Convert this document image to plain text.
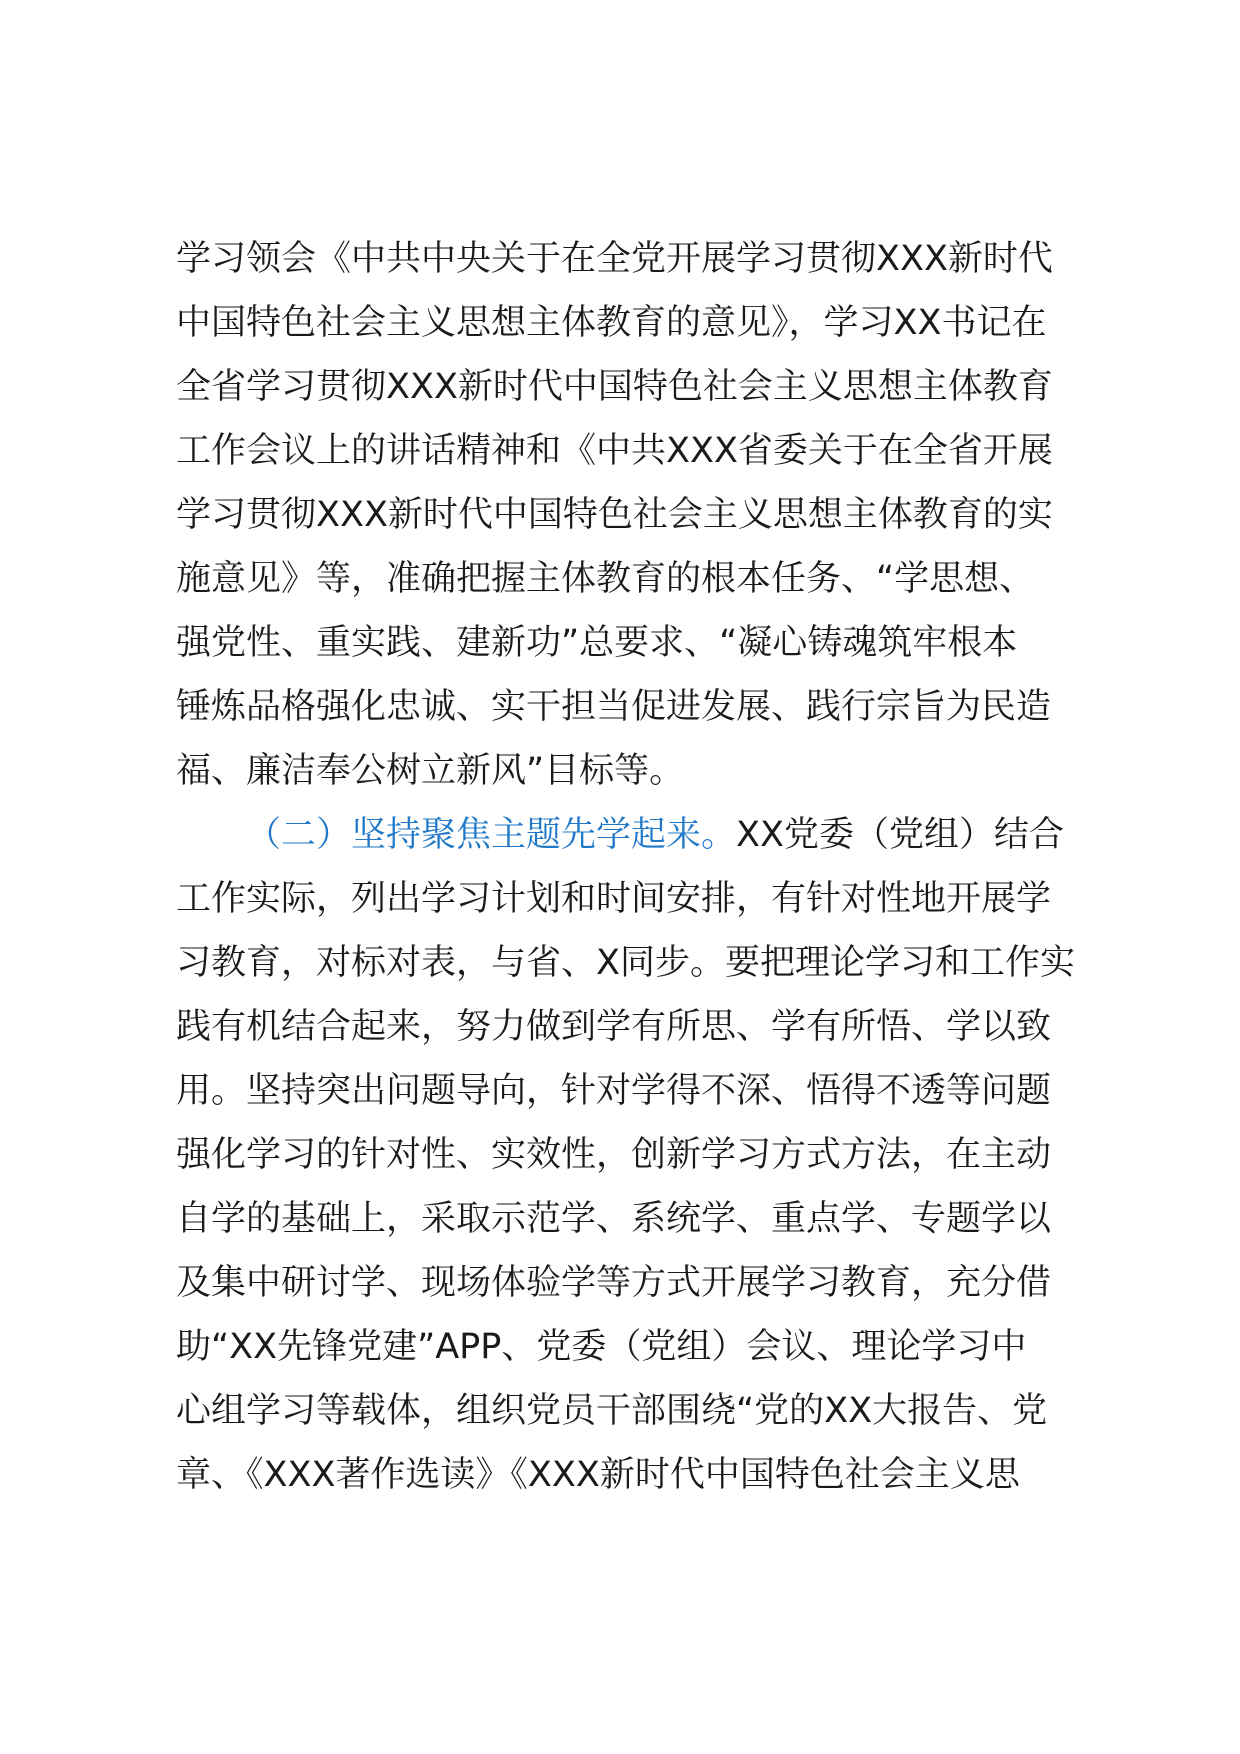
学习领会《中共中央关于在全党开展学习贯彻XXX新时代
中国特色社会主义思想主体教育的意见》，学习XX书记在
全省学习贯彻XXX新时代中国特色社会主义思想主体教育
工作会议上的讲话精神和《中共XXX省委关于在全省开展
学习贯彻XXX新时代中国特色社会主义思想主体教育的实
施意见》等，准确把握主体教育的根本任务、“学思想、
强党性、重实践、建新功”总要求、“凝心铸魂筑牢根本
锤炼品格强化忠诚、实干担当促进发展、践行宗旨为民造
福、廉洁奉公树立新风”目标等。
（二）坚持聚焦主题先学起来。XX党委（党组）结合
工作实际，列出学习计划和时间安排，有针对性地开展学
习教育，对标对表，与省、X同步。要把理论学习和工作实
践有机结合起来，努力做到学有所思、学有所悟、学以致
用。坚持突出问题导向，针对学得不深、悟得不透等问题
强化学习的针对性、实效性，创新学习方式方法，在主动
自学的基础上，采取示范学、系统学、重点学、专题学以
及集中研讨学、现场体验学等方式开展学习教育，充分借
助“XX先锋党建”APP、党委（党组）会议、理论学习中
心组学习等载体，组织党员干部围绕“党的XX大报告、党
章、《XXX著作选读》《XXX新时代中国特色社会主义思
